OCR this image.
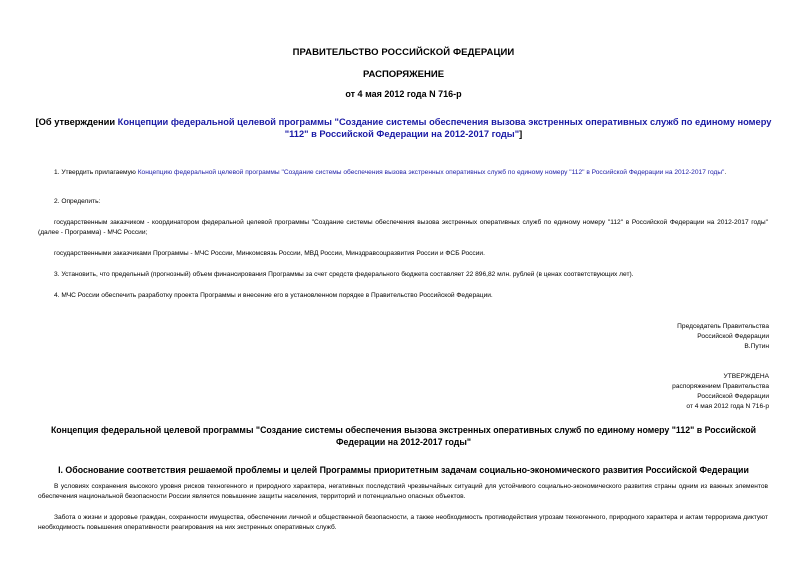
ПРАВИТЕЛЬСТВО РОССИЙСКОЙ ФЕДЕРАЦИИ
РАСПОРЯЖЕНИЕ
от 4 мая 2012 года N 716-р
[Об утверждении Концепции федеральной целевой программы "Создание системы обеспечения вызова экстренных оперативных служб по единому номеру "112" в Российской Федерации на 2012-2017 годы"]
1. Утвердить прилагаемую Концепцию федеральной целевой программы "Создание системы обеспечения вызова экстренных оперативных служб по единому номеру "112" в Российской Федерации на 2012-2017 годы".
2. Определить:
государственным заказчиком - координатором федеральной целевой программы "Создание системы обеспечения вызова экстренных оперативных служб по единому номеру "112" в Российской Федерации на 2012-2017 годы" (далее - Программа) - МЧС России;
государственными заказчиками Программы - МЧС России, Минкомсвязь России, МВД России, Минздравсоцразвития России и ФСБ России.
3. Установить, что предельный (прогнозный) объем финансирования Программы за счет средств федерального бюджета составляет 22 896,82 млн. рублей (в ценах соответствующих лет).
4. МЧС России обеспечить разработку проекта Программы и внесение его в установленном порядке в Правительство Российской Федерации.
Председатель Правительства
Российской Федерации
В.Путин
УТВЕРЖДЕНА
распоряжением Правительства
Российской Федерации
от 4 мая 2012 года N 716-р
Концепция федеральной целевой программы "Создание системы обеспечения вызова экстренных оперативных служб по единому номеру "112" в Российской Федерации на 2012-2017 годы"
I. Обоснование соответствия решаемой проблемы и целей Программы приоритетным задачам социально-экономического развития Российской Федерации
В условиях сохранения высокого уровня рисков техногенного и природного характера, негативных последствий чрезвычайных ситуаций для устойчивого социально-экономического развития страны одним из важных элементов обеспечения национальной безопасности России является повышение защиты населения, территорий и потенциально опасных объектов.
Забота о жизни и здоровье граждан, сохранности имущества, обеспечении личной и общественной безопасности, а также необходимость противодействия угрозам техногенного, природного характера и актам терроризма диктуют необходимость повышения оперативности реагирования на них экстренных оперативных служб.
